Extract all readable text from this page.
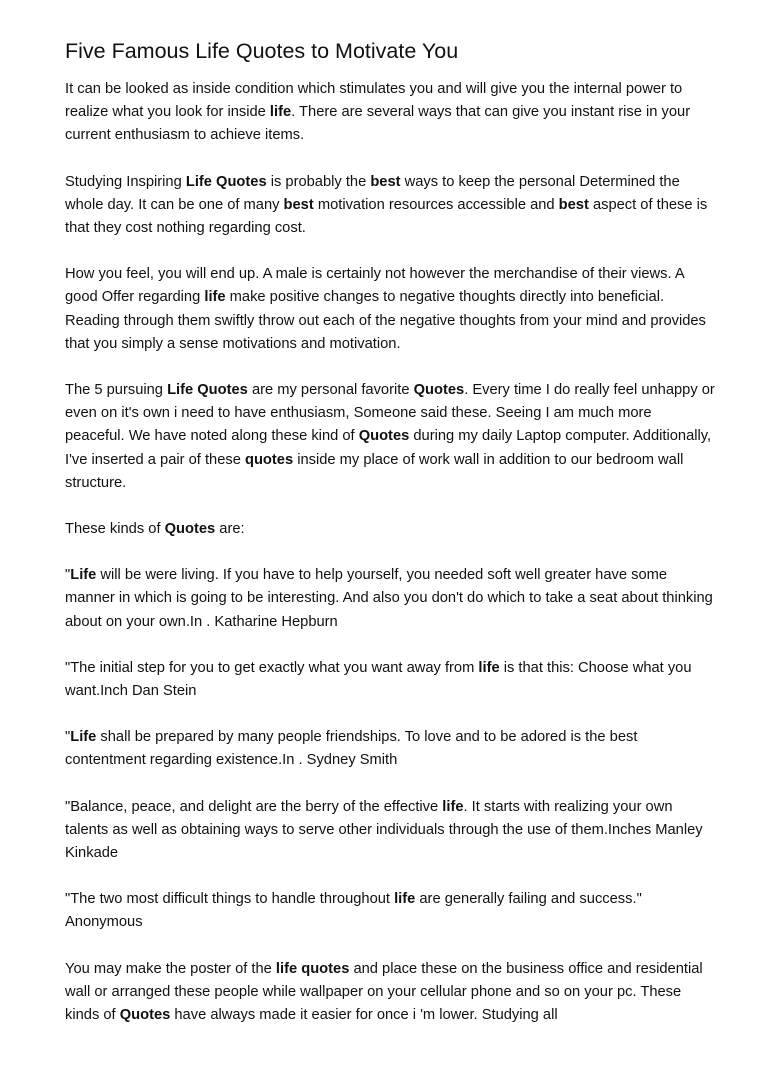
Five Famous Life Quotes to Motivate You

It can be looked as inside condition which stimulates you and will give you the internal power to realize what you look for inside life. There are several ways that can give you instant rise in your current enthusiasm to achieve items.

Studying Inspiring Life Quotes is probably the best ways to keep the personal Determined the whole day. It can be one of many best motivation resources accessible and best aspect of these is that they cost nothing regarding cost.

How you feel, you will end up. A male is certainly not however the merchandise of their views. A good Offer regarding life make positive changes to negative thoughts directly into beneficial. Reading through them swiftly throw out each of the negative thoughts from your mind and provides that you simply a sense motivations and motivation.

The 5 pursuing Life Quotes are my personal favorite Quotes. Every time I do really feel unhappy or even on it's own i need to have enthusiasm, Someone said these. Seeing I am much more peaceful. We have noted along these kind of Quotes during my daily Laptop computer. Additionally, I've inserted a pair of these quotes inside my place of work wall in addition to our bedroom wall structure.

These kinds of Quotes are:

"Life will be were living. If you have to help yourself, you needed soft well greater have some manner in which is going to be interesting. And also you don't do which to take a seat about thinking about on your own.In . Katharine Hepburn

"The initial step for you to get exactly what you want away from life is that this: Choose what you want.Inch Dan Stein

"Life shall be prepared by many people friendships. To love and to be adored is the best contentment regarding existence.In . Sydney Smith

"Balance, peace, and delight are the berry of the effective life. It starts with realizing your own talents as well as obtaining ways to serve other individuals through the use of them.Inches Manley Kinkade

"The two most difficult things to handle throughout life are generally failing and success." Anonymous

You may make the poster of the life quotes and place these on the business office and residential wall or arranged these people while wallpaper on your cellular phone and so on your pc. These kinds of Quotes have always made it easier for once i 'm lower. Studying all
